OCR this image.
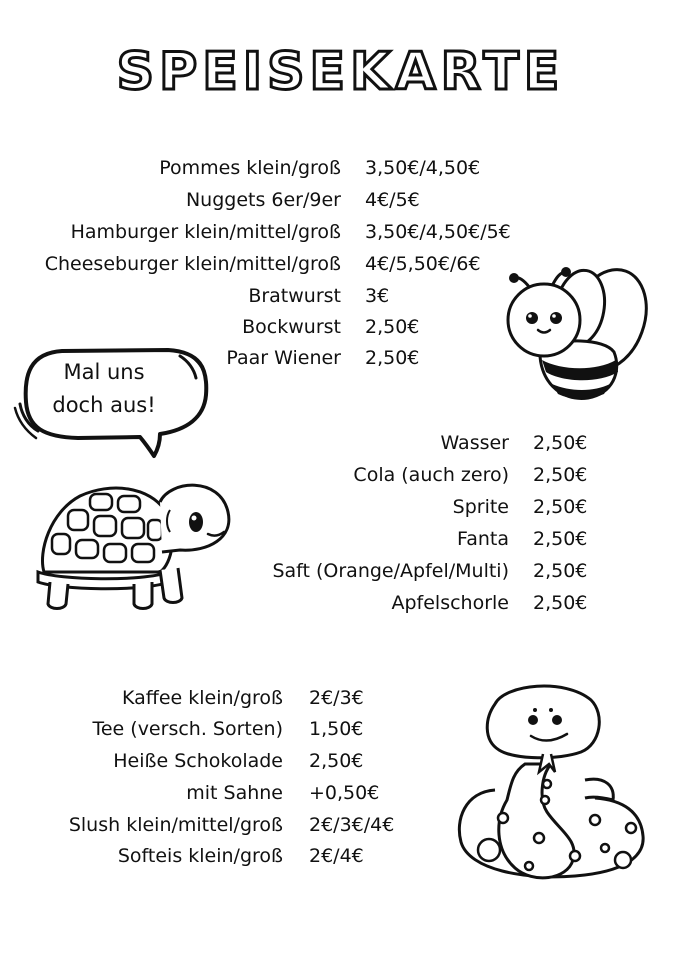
SPEISEKARTE
Mal uns
doch aus!
Pommes klein/groß 3,50€/4,50€
Nuggets 6er/9er 4€/5€
Hamburger klein/mittel/groß 3,50€/4,50€/5€
Cheeseburger klein/mittel/groß 4€/5,50€/6€
Bratwurst 3€
Bockwurst 2,50€
Paar Wiener 2,50€
Wasser 2,50€
Cola (auch zero) 2,50€
Sprite 2,50€
Fanta 2,50€
Saft (Orange/Apfel/Multi) 2,50€
Apfelschorle 2,50€
Kaffee klein/groß 2€/3€
Tee (versch. Sorten) 1,50€
Heiße Schokolade 2,50€
mit Sahne +0,50€
Slush klein/mittel/groß 2€/3€/4€
Softeis klein/groß 2€/4€
